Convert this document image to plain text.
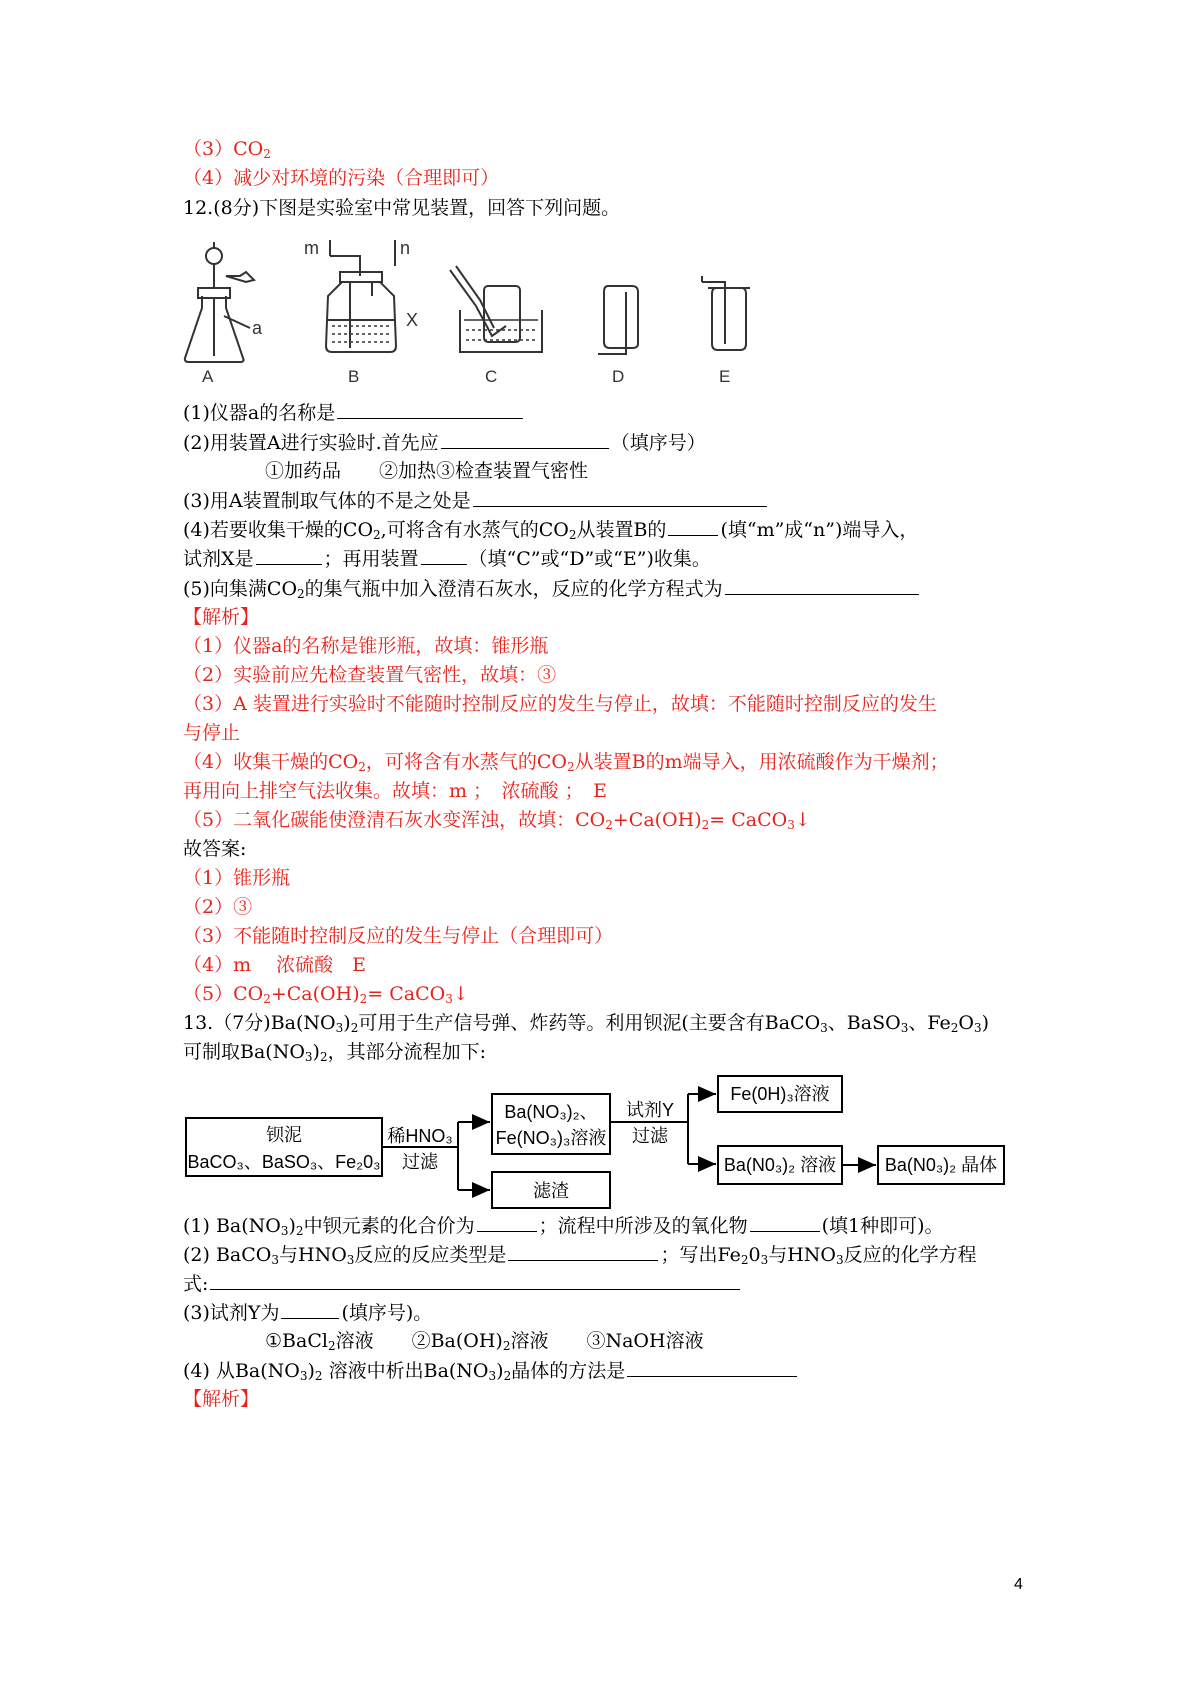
$(3)CO_2$
（4）减少对环境的污染（合理即可）
12.(8分)下图是实验室中常见装置，回答下列问题。
a
A
m	n
X
B	C	D	E
(1)仪器a的名称是
(2)用装置A进行实验时.首先应	（填序号）
①加药品　　②加热③检查装置气密性
(3)用A装置制取气体的不是之处是
(4)若要收集干燥的$CO_2$,可将含有水蒸气的$CO_2$从装置B的	(填“m”成“n”)端导入，
试剂X是	；再用装置	（填“C”或“D”或“E”)收集。
(5)向集满$CO_2$的集气瓶中加入澄清石灰水，反应的化学方程式为
【解析】
（1）仪器a的名称是锥形瓶，故填：锥形瓶
（2）实验前应先检查装置气密性，故填：③
（3）A 装置进行实验时不能随时控制反应的发生与停止，故填：不能随时控制反应的发生
与停止
（4）收集干燥的$CO_2$，可将含有水蒸气的$CO_2$从装置B的m端导入，用浓硫酸作为干燥剂；
再用向上排空气法收集。故填：m ；　浓硫酸 ；　E
（5）二氧化碳能使澄清石灰水变浑浊，故填：$CO_2+Ca(OH)_2=$ CaCO$_3$↓
故答案:
（1）锥形瓶
（2）③
（3）不能随时控制反应的发生与停止（合理即可）
（4）m　 浓硫酸　E
$(5)CO_2+Ca(OH)_2=$ CaCO$_3$↓
13.（7分)$Ba(NO_3)_2$可用于生产信号弹、炸药等。利用钡泥(主要含有BaCO$_3$、BaSO$_3$、$Fe_2O_3$)
可制取$Ba(NO_3)_2$，其部分流程加下:
钡泥
BaCO₃、BaSO₃、Fe₂0₃
稀HNO₃
过滤
Ba(NO₃)₂、
Fe(NO₃)₃溶液
滤渣
试剂Y
过滤
Fe(0H)₃溶液
Ba(N0₃)₂ 溶液	Ba(N0₃)₂ 晶体
(1) $Ba(NO_3)_2$中钡元素的化合价为	；流程中所涉及的氧化物	(填1种即可)。
(2) BaCO$_3$与$HNO_3$反应的反应类型是	；写出$Fe_20_3$与$HNO_3$反应的化学方程
式:
(3)试剂Y为	(填序号)。
①BaCl$_2$溶液　　$②Ba(OH)_2$溶液　　③NaOH溶液
(4) 从$Ba(NO_3)_2$ 溶液中析出$Ba(NO_3)_2$晶体的方法是
【解析】
4
